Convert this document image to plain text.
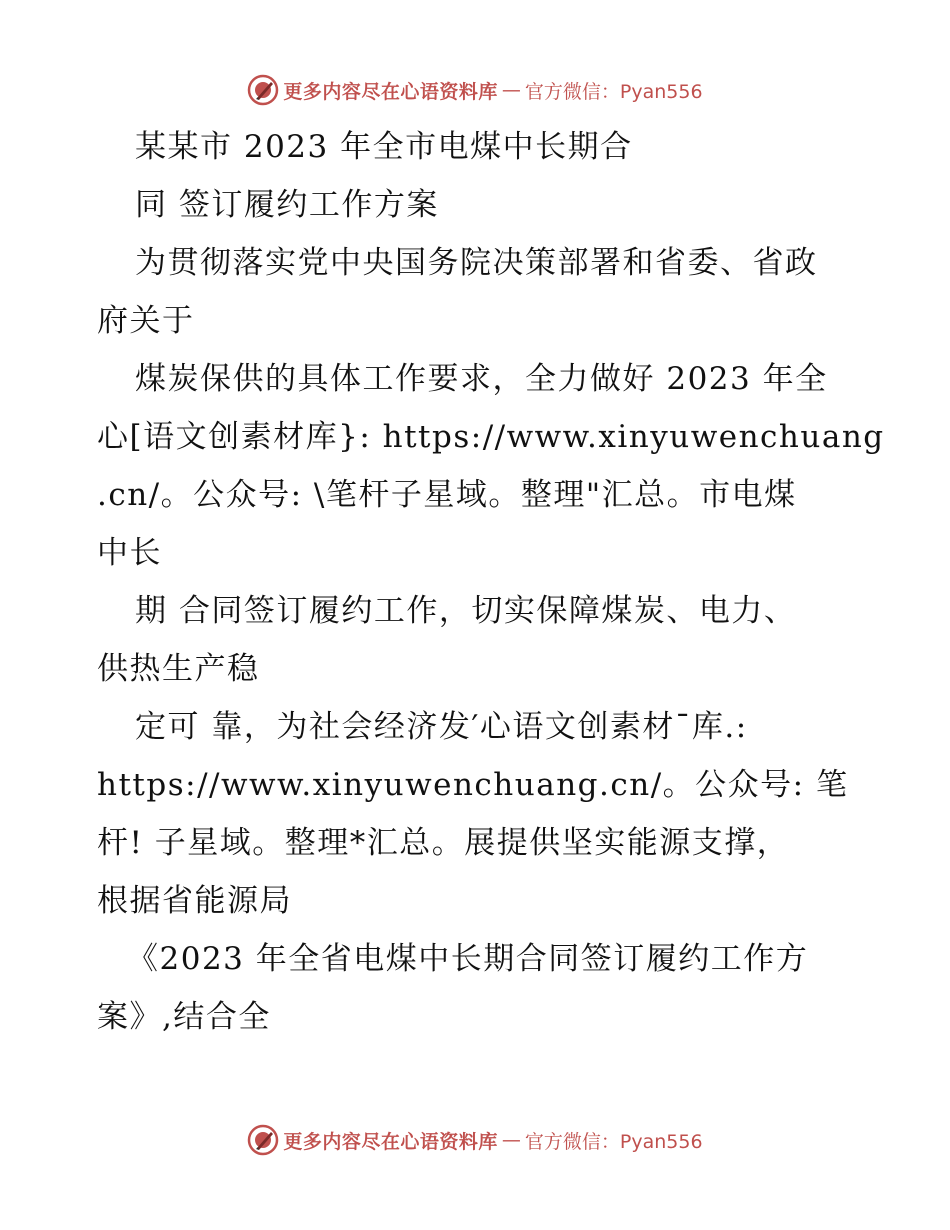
更多内容尽在心语资料库 — 官方微信：Pyan556
某某市 2023 年全市电煤中长期合
同 签订履约工作方案
为贯彻落实党中央国务院决策部署和省委、省政
府关于
煤炭保供的具体工作要求，全力做好 2023 年全
心[语文创素材库}: https://www.xinyuwenchuang
.cn/。公众号: \笔杆子星域。整理"汇总。市电煤
中长
期 合同签订履约工作，切实保障煤炭、电力、
供热生产稳
定可 靠，为社会经济发′心语文创素材¯库.:
https://www.xinyuwenchuang.cn/。公众号: 笔
杆! 子星域。整理*汇总。展提供坚实能源支撑，
根据省能源局
《2023 年全省电煤中长期合同签订履约工作方
案》,结合全
更多内容尽在心语资料库 — 官方微信：Pyan556
